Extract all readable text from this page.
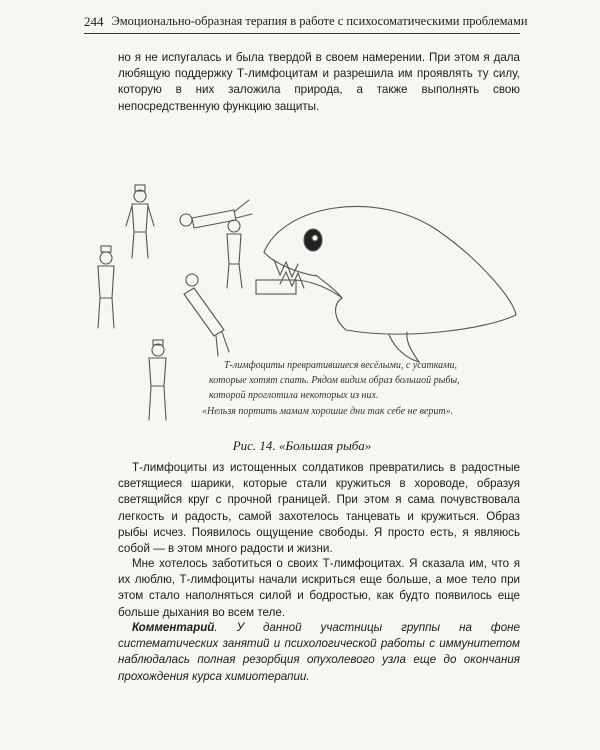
244 Эмоционально-образная терапия в работе с психосоматическими проблемами

но я не испугалась и была твердой в своем намерении. При этом я дала любящую поддержку Т-лимфоцитам и разрешила им проявлять ту силу, которую в них заложила природа, а также выполнять свою непосредственную функцию защиты.

Т-лимфоциты превратившиеся весёлыми, с усатками,
которые хотят спать. Рядом видим образ большой рыбы,
которой проглотила некоторых из них.
«Нельзя портить мамам хорошие дни так себе не верит».
Рис. 14. «Большая рыба»

Т-лимфоциты из истощенных солдатиков превратились в радостные светящиеся шарики, которые стали кружиться в хороводе, образуя светящийся круг с прочной границей. При этом я сама почувствовала легкость и радость, самой захотелось танцевать и кружиться. Образ рыбы исчез. Появилось ощущение свободы. Я просто есть, я являюсь собой — в этом много радости и жизни.

Мне хотелось заботиться о своих Т-лимфоцитах. Я сказала им, что я их люблю, Т-лимфоциты начали искриться еще больше, а мое тело при этом стало наполняться силой и бодростью, как будто появилось еще больше дыхания во всем теле.

Комментарий. У данной участницы группы на фоне систематических занятий и психологической работы с иммунитетом наблюдалась полная резорбция опухолевого узла еще до окончания прохождения курса химиотерапии.
